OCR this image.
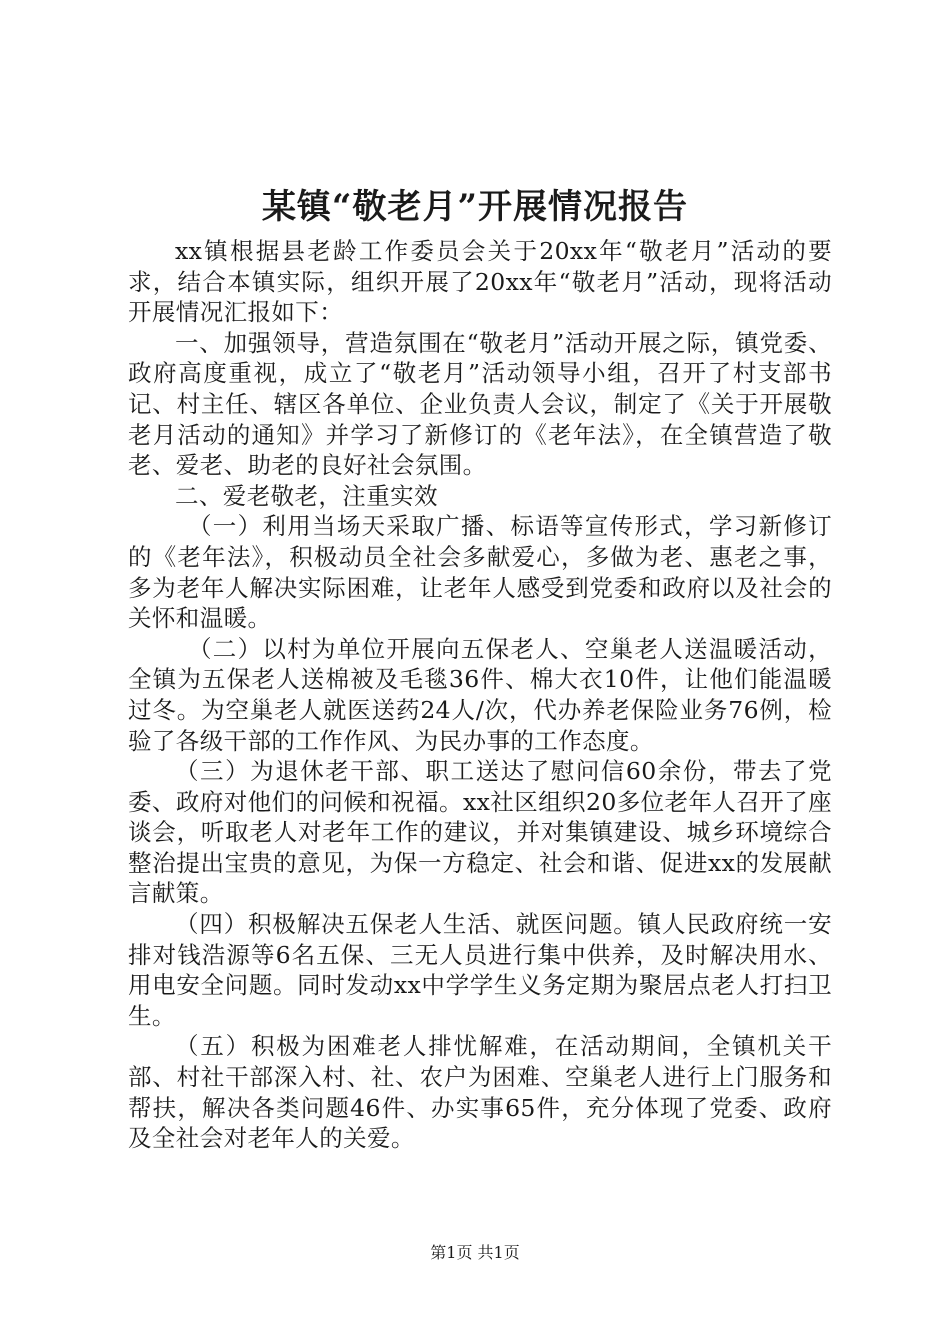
某镇“敬老月”开展情况报告

xx镇根据县老龄工作委员会关于20xx年“敬老月”活动的要求，结合本镇实际，组织开展了20xx年“敬老月”活动，现将活动开展情况汇报如下：

一、加强领导，营造氛围在“敬老月”活动开展之际，镇党委、政府高度重视，成立了“敬老月”活动领导小组，召开了村支部书记、村主任、辖区各单位、企业负责人会议，制定了《关于开展敬老月活动的通知》并学习了新修订的《老年法》，在全镇营造了敬老、爱老、助老的良好社会氛围。

二、爱老敬老，注重实效

（一）利用当场天采取广播、标语等宣传形式，学习新修订的《老年法》，积极动员全社会多献爱心，多做为老、惠老之事，多为老年人解决实际困难，让老年人感受到党委和政府以及社会的关怀和温暖。

（二）以村为单位开展向五保老人、空巢老人送温暖活动，全镇为五保老人送棉被及毛毯36件、棉大衣10件，让他们能温暖过冬。为空巢老人就医送药24人/次，代办养老保险业务76例，检验了各级干部的工作作风、为民办事的工作态度。

（三）为退休老干部、职工送达了慰问信60余份，带去了党委、政府对他们的问候和祝福。xx社区组织20多位老年人召开了座谈会，听取老人对老年工作的建议，并对集镇建设、城乡环境综合整治提出宝贵的意见，为保一方稳定、社会和谐、促进xx的发展献言献策。

（四）积极解决五保老人生活、就医问题。镇人民政府统一安排对钱浩源等6名五保、三无人员进行集中供养，及时解决用水、用电安全问题。同时发动xx中学学生义务定期为聚居点老人打扫卫生。

（五）积极为困难老人排忧解难，在活动期间，全镇机关干部、村社干部深入村、社、农户为困难、空巢老人进行上门服务和帮扶，解决各类问题46件、办实事65件，充分体现了党委、政府及全社会对老年人的关爱。

第1页 共1页
